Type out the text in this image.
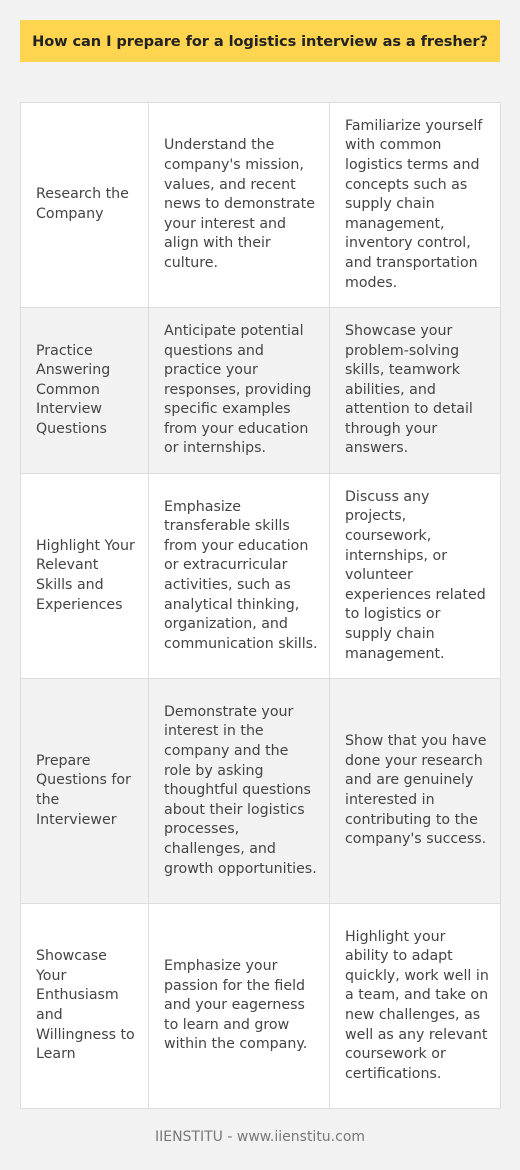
How can I prepare for a logistics interview as a fresher?
Research the Company	Understand the company's mission, values, and recent news to demonstrate your interest and align with their culture.	Familiarize yourself with common logistics terms and concepts such as supply chain management, inventory control, and transportation modes.
Practice Answering Common Interview Questions	Anticipate potential questions and practice your responses, providing specific examples from your education or internships.	Showcase your problem-solving skills, teamwork abilities, and attention to detail through your answers.
Highlight Your Relevant Skills and Experiences	Emphasize transferable skills from your education or extracurricular activities, such as analytical thinking, organization, and communication skills.	Discuss any projects, coursework, internships, or volunteer experiences related to logistics or supply chain management.
Prepare Questions for the Interviewer	Demonstrate your interest in the company and the role by asking thoughtful questions about their logistics processes, challenges, and growth opportunities.	Show that you have done your research and are genuinely interested in contributing to the company's success.
Showcase Your Enthusiasm and Willingness to Learn	Emphasize your passion for the field and your eagerness to learn and grow within the company.	Highlight your ability to adapt quickly, work well in a team, and take on new challenges, as well as any relevant coursework or certifications.
IIENSTITU - www.iienstitu.com
